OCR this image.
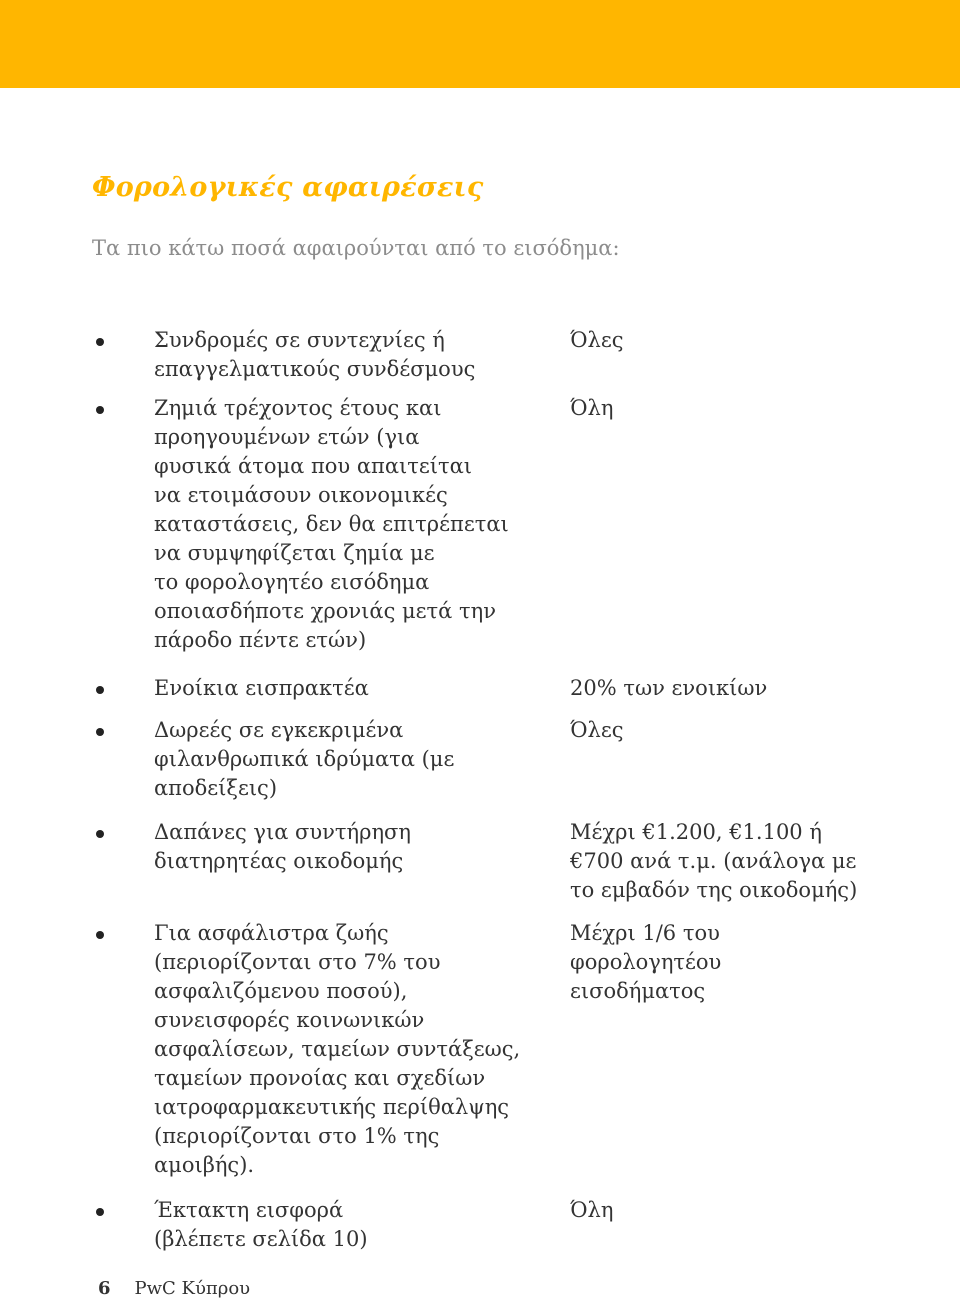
Φορολογικές αφαιρέσεις

Τα πιο κάτω ποσά αφαιρούνται από το εισόδημα:

Συνδρομές σε συντεχνίες ή
επαγγελματικούς συνδέσμους
Όλες
Ζημιά τρέχοντος έτους και
προηγουμένων ετών (για
φυσικά άτομα που απαιτείται
να ετοιμάσουν οικονομικές
καταστάσεις, δεν θα επιτρέπεται
να συμψηφίζεται ζημία με
το φορολογητέο εισόδημα
οποιασδήποτε χρονιάς μετά την
πάροδο πέντε ετών)
Όλη
Ενοίκια εισπρακτέα	20% των ενοικίων
Δωρεές σε εγκεκριμένα
φιλανθρωπικά ιδρύματα (με
αποδείξεις)
Όλες
Δαπάνες για συντήρηση
διατηρητέας οικοδομής
Μέχρι €1.200, €1.100 ή
€700 ανά τ.μ. (ανάλογα με
το εμβαδόν της οικοδομής)
Για ασφάλιστρα ζωής
(περιορίζονται στο 7% του
ασφαλιζόμενου ποσού),
συνεισφορές κοινωνικών
ασφαλίσεων, ταμείων συντάξεως,
ταμείων προνοίας και σχεδίων
ιατροφαρμακευτικής περίθαλψης
(περιορίζονται στο 1% της
αμοιβής).
Μέχρι 1/6 του
φορολογητέου
εισοδήματος
Έκτακτη εισφορά
(βλέπετε σελίδα 10)
Όλη
6 PwC Κύπρου
